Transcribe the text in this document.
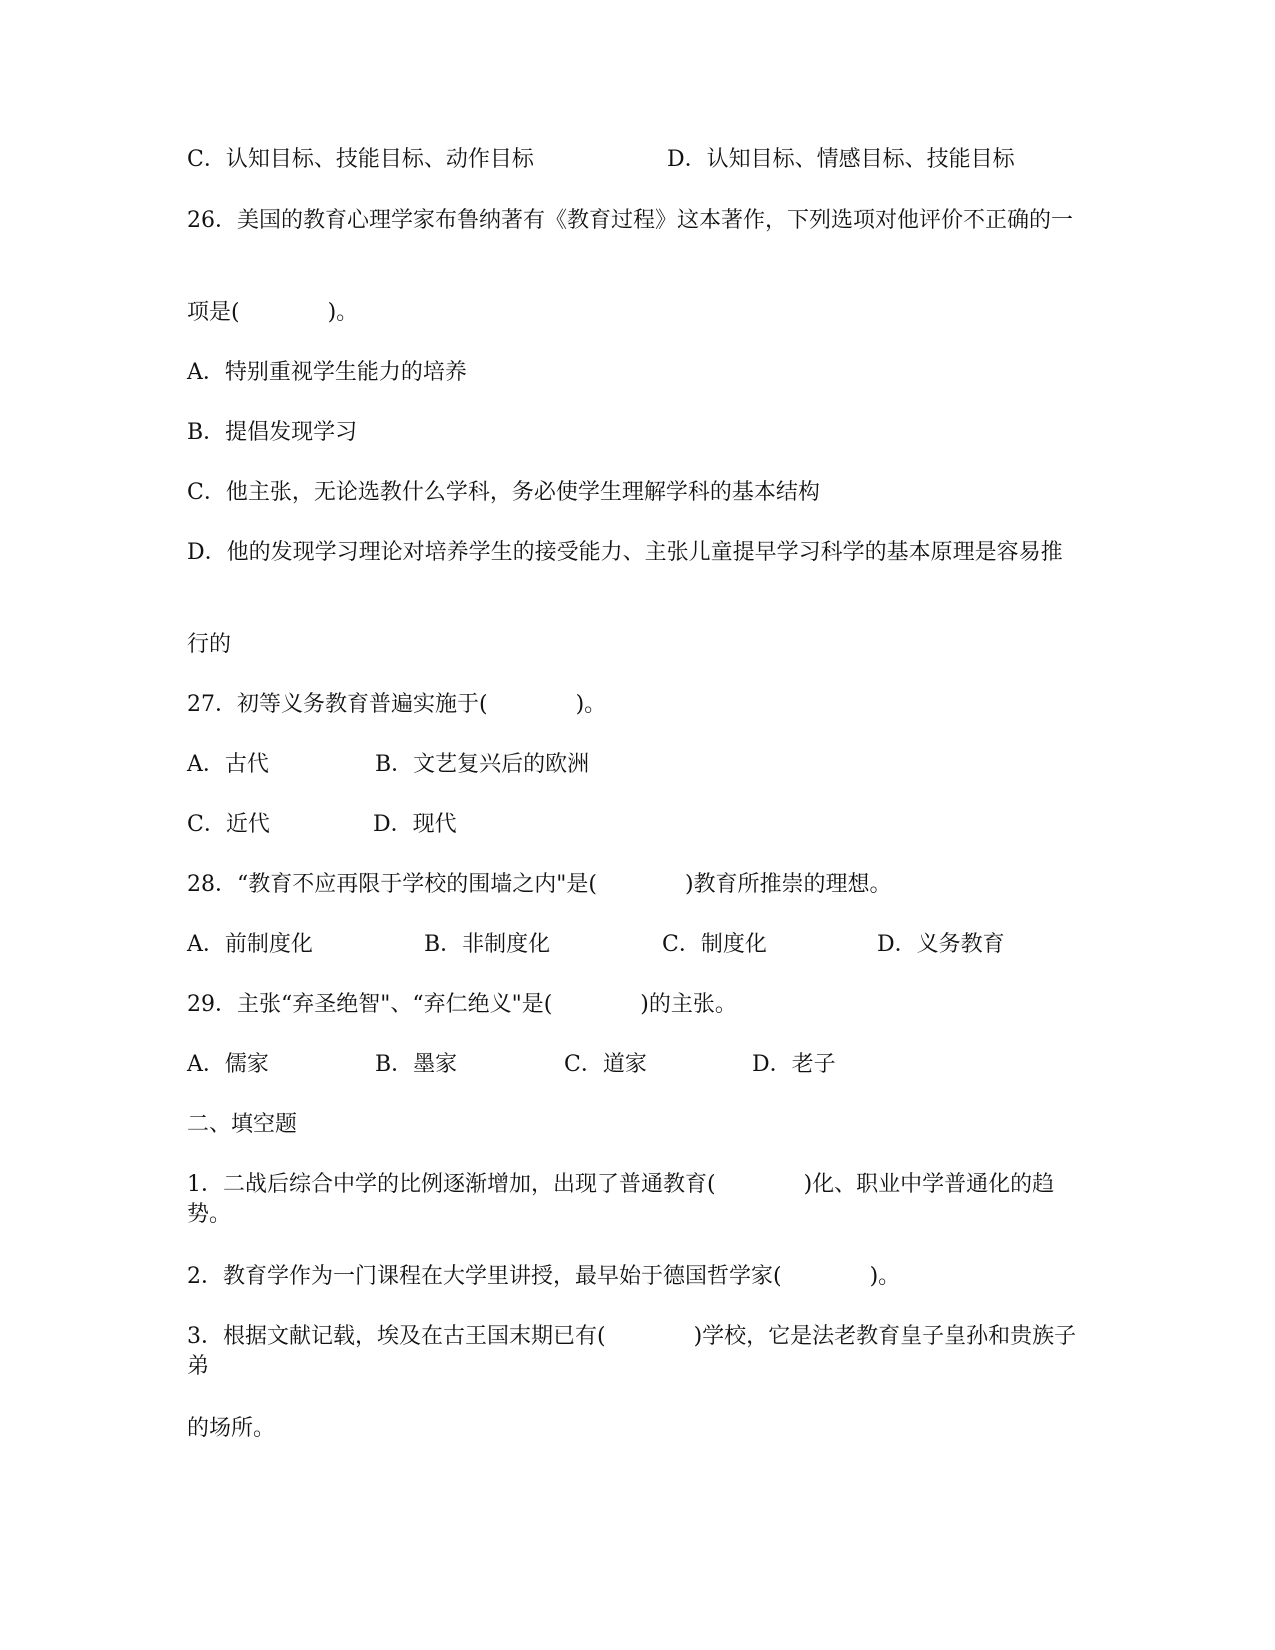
C．认知目标、技能目标、动作目标	D．认知目标、情感目标、技能目标
26．美国的教育心理学家布鲁纳著有《教育过程》这本著作，下列选项对他评价不正确的一
项是(　　　　)。
A．特别重视学生能力的培养
B．提倡发现学习
C．他主张，无论选教什么学科，务必使学生理解学科的基本结构
D．他的发现学习理论对培养学生的接受能力、主张儿童提早学习科学的基本原理是容易推
行的
27．初等义务教育普遍实施于(　　　　)。
A．古代	B．文艺复兴后的欧洲
C．近代	D．现代
28．“教育不应再限于学校的围墙之内"是(　　　　)教育所推崇的理想。
A．前制度化	B．非制度化	C．制度化	D．义务教育
29．主张“弃圣绝智"、“弃仁绝义"是(　　　　)的主张。
A．儒家	B．墨家	C．道家	D．老子
二、填空题
1．二战后综合中学的比例逐渐增加，出现了普通教育(　　　　)化、职业中学普通化的趋势。
2．教育学作为一门课程在大学里讲授，最早始于德国哲学家(　　　　)。
3．根据文献记载，埃及在古王国末期已有(　　　　)学校，它是法老教育皇子皇孙和贵族子弟
的场所。
